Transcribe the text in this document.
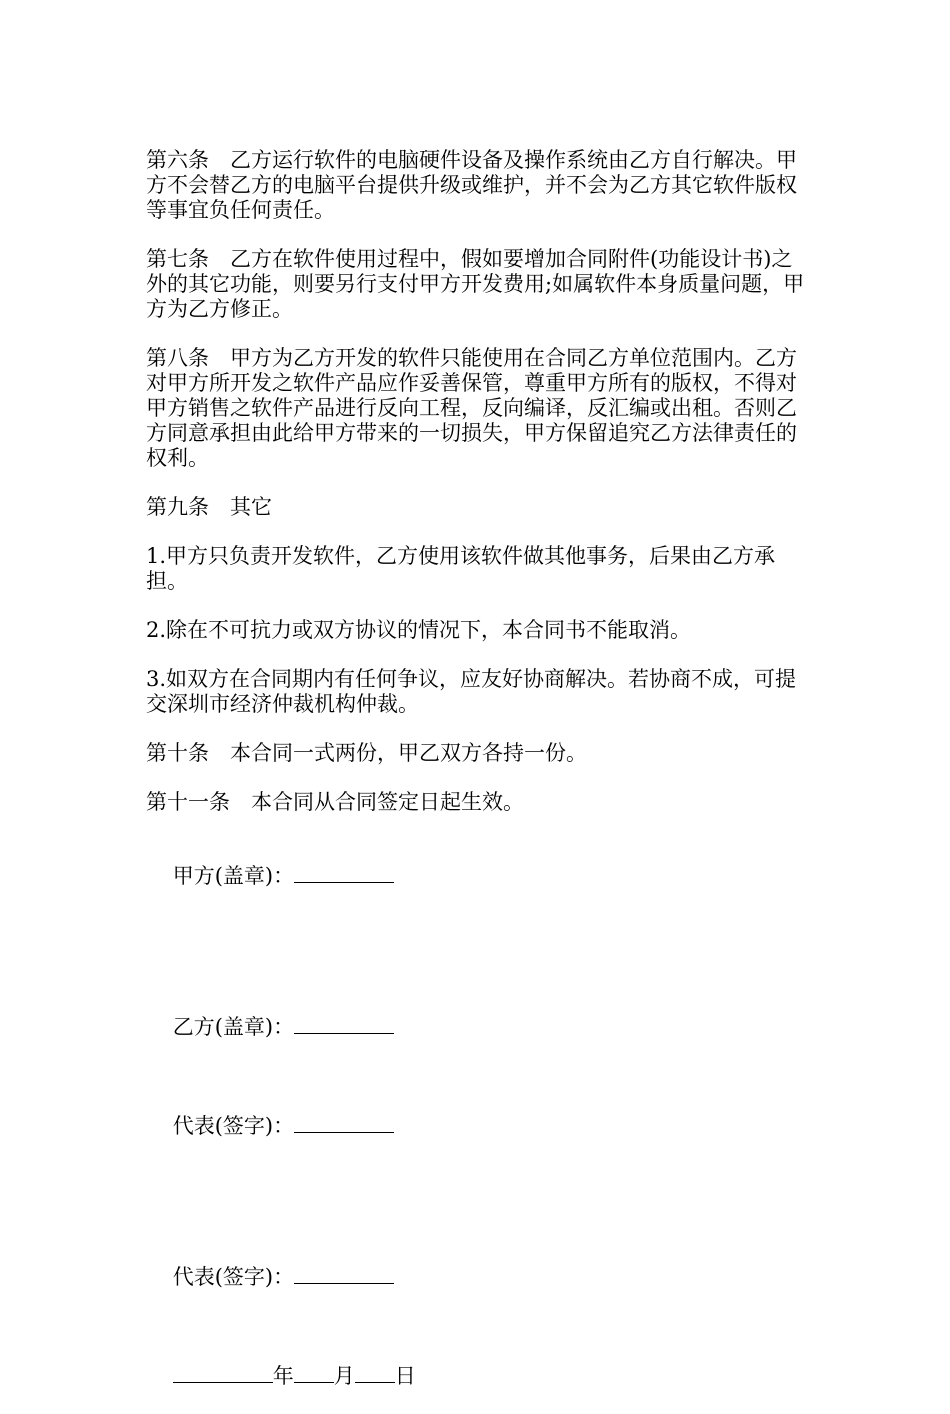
第六条　乙方运行软件的电脑硬件设备及操作系统由乙方自行解决。甲方不会替乙方的电脑平台提供升级或维护，并不会为乙方其它软件版权等事宜负任何责任。

第七条　乙方在软件使用过程中，假如要增加合同附件(功能设计书)之外的其它功能，则要另行支付甲方开发费用;如属软件本身质量问题，甲方为乙方修正。

第八条　甲方为乙方开发的软件只能使用在合同乙方单位范围内。乙方对甲方所开发之软件产品应作妥善保管，尊重甲方所有的版权，不得对甲方销售之软件产品进行反向工程，反向编译，反汇编或出租。否则乙方同意承担由此给甲方带来的一切损失，甲方保留追究乙方法律责任的权利。

第九条　其它

1.甲方只负责开发软件，乙方使用该软件做其他事务，后果由乙方承担。

2.除在不可抗力或双方协议的情况下，本合同书不能取消。

3.如双方在合同期内有任何争议，应友好协商解决。若协商不成，可提交深圳市经济仲裁机构仲裁。

第十条　本合同一式两份，甲乙双方各持一份。

第十一条　本合同从合同签定日起生效。

甲方(盖章)：

乙方(盖章)：

代表(签字)：

代表(签字)：

年 月 日
